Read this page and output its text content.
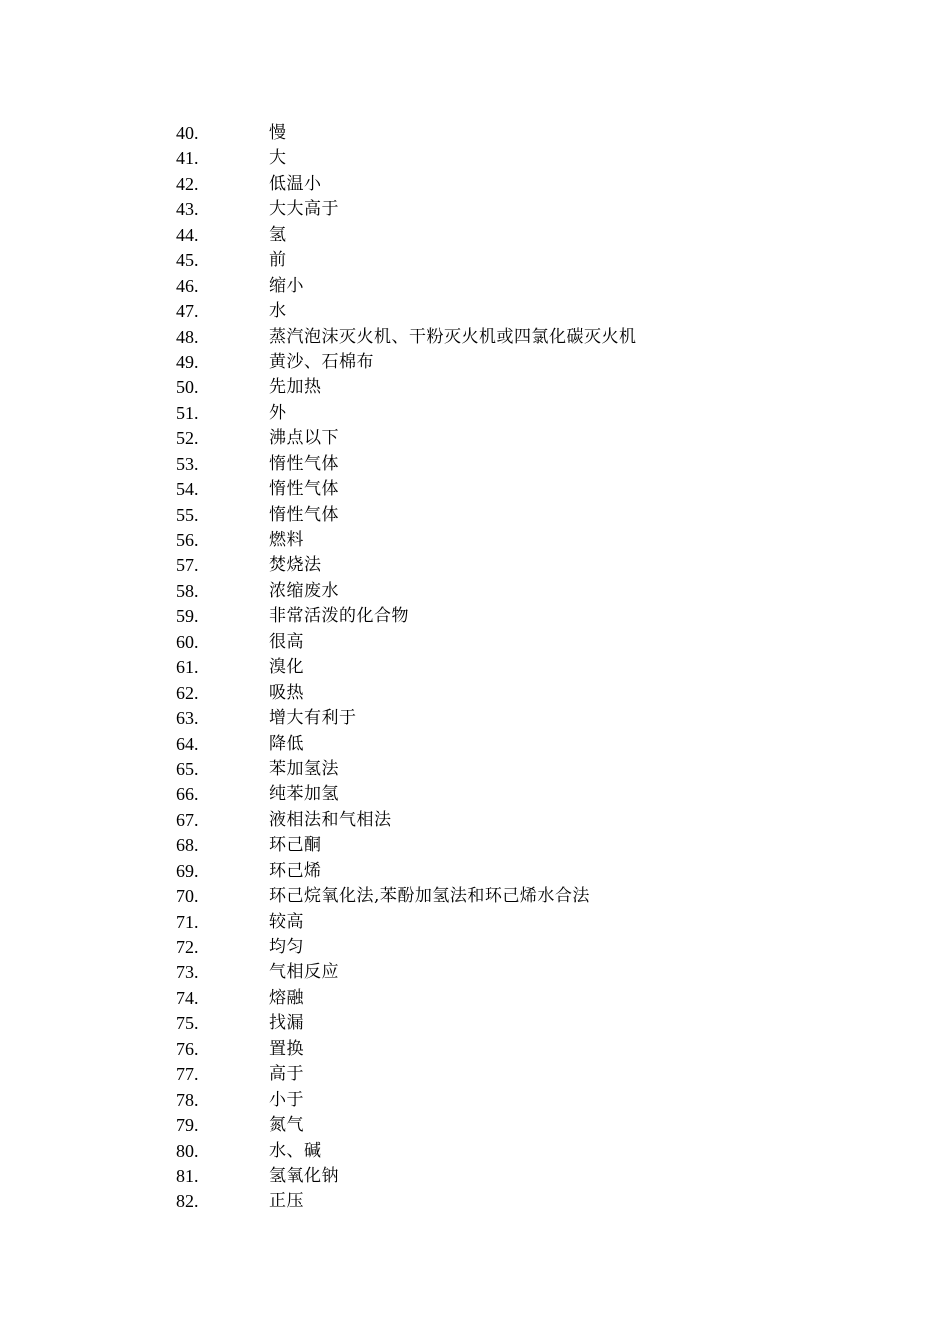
40.	慢
41.	大
42.	低温小
43.	大大高于
44.	氢
45.	前
46.	缩小
47.	水
48.	蒸汽泡沫灭火机、干粉灭火机或四氯化碳灭火机
49.	黄沙、石棉布
50.	先加热
51.	外
52.	沸点以下
53.	惰性气体
54.	惰性气体
55.	惰性气体
56.	燃料
57.	焚烧法
58.	浓缩废水
59.	非常活泼的化合物
60.	很高
61.	溴化
62.	吸热
63.	增大有利于
64.	降低
65.	苯加氢法
66.	纯苯加氢
67.	液相法和气相法
68.	环己酮
69.	环己烯
70.	环己烷氧化法,苯酚加氢法和环己烯水合法
71.	较高
72.	均匀
73.	气相反应
74.	熔融
75.	找漏
76.	置换
77.	高于
78.	小于
79.	氮气
80.	水、碱
81.	氢氧化钠
82.	正压
